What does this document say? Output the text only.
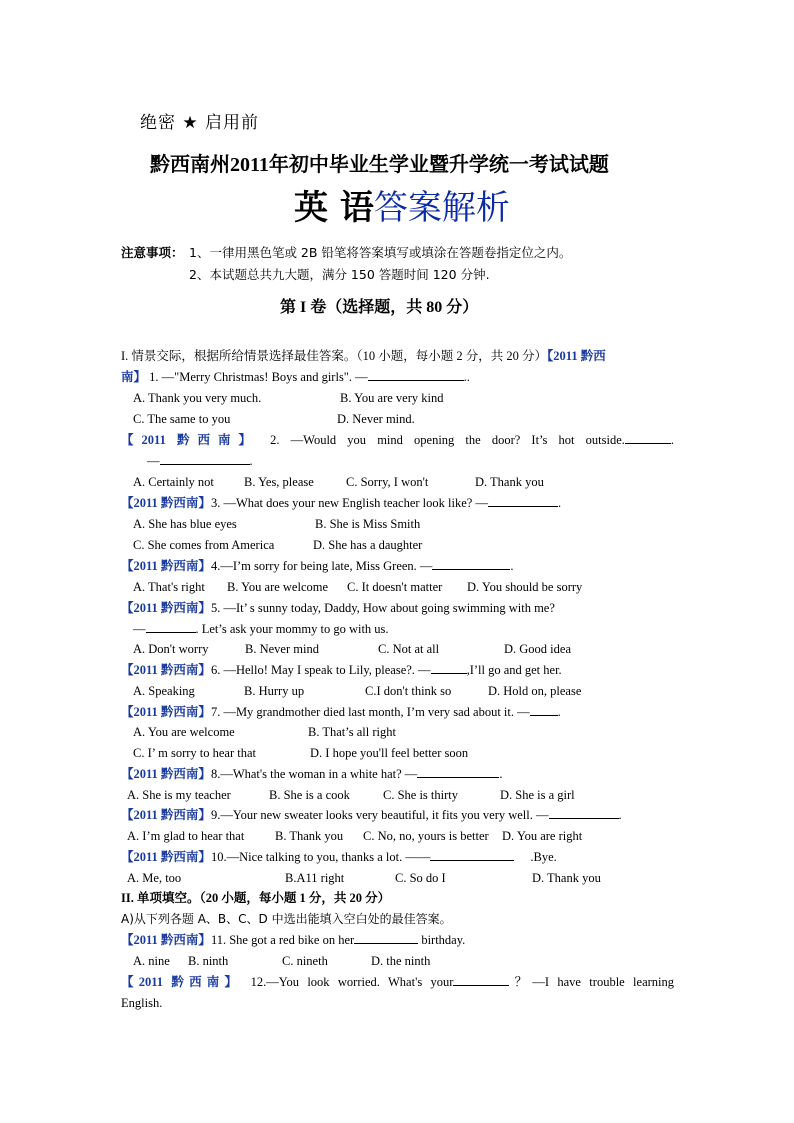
绝密 ★ 启用前
黔西南州2011年初中毕业生学业暨升学统一考试试题
英 语答案解析
注意事项： 1、一律用黑色笔或 2B 铅笔将答案填写或填涂在答题卷指定位之内。
2、本试题总共九大题，满分 150 答题时间 120 分钟.
第 I 卷（选择题，共 80 分）
I. 情景交际，根据所给情景选择最佳答案。（10 小题，每小题 2 分，共 20 分）【2011 黔西
南】 1. —"Merry Christmas! Boys and girls". —	..
A. Thank you very much.	B. You are very kind
C. The same to you	D. Never mind.
【2011 黔西南】 2. —Would you mind opening the door? It’s hot outside.	.
—	.
A. Certainly not B. Yes, please	C. Sorry, I won't	D. Thank you
【2011 黔西南】3. —What does your new English teacher look like? —	.
A. She has blue eyes	B. She is Miss Smith
C. She comes from America	D. She has a daughter
【2011 黔西南】4.—I’m sorry for being late, Miss Green. —	.
A. That's right B. You are welcome C. It doesn't matter D. You should be sorry
【2011 黔西南】5. —It’ s sunny today, Daddy, How about going swimming with me?
—	. Let’s ask your mommy to go with us.
A. Don't worry	B. Never mind	C. Not at all	D. Good idea
【2011 黔西南】6. —Hello! May I speak to Lily, please?. —	,I’ll go and get her.
A. Speaking	B. Hurry up	C.I don't think so	D. Hold on, please
【2011 黔西南】7. —My grandmother died last month, I’m very sad about it. — .
A. You are welcome	B. That’s all right
C. I’ m sorry to hear that	D. I hope you'll feel better soon
【2011 黔西南】8.—What's the woman in a white hat? —	.
A. She is my teacher	B. She is a cook	C. She is thirty	D. She is a girl
【2011 黔西南】9.—Your new sweater looks very beautiful, it fits you very well. —	.
A. I’m glad to hear that B. Thank you C. No, no, yours is better D. You are right
【2011 黔西南】10.—Nice talking to you, thanks a lot. ——	.Bye.
A. Me, too	B.A11 right	C. So do I	D. Thank you
II. 单项填空。（20 小题，每小题 1 分，共 20 分）
A)从下列各题 A、B、C、D 中选出能填入空白处的最佳答案。
【2011 黔西南】11. She got a red bike on her	birthday.
A. nine B. ninth	C. nineth	D. the ninth
【2011 黔西南】 12.—You look worried. What's your	？—I have trouble learning
English.
